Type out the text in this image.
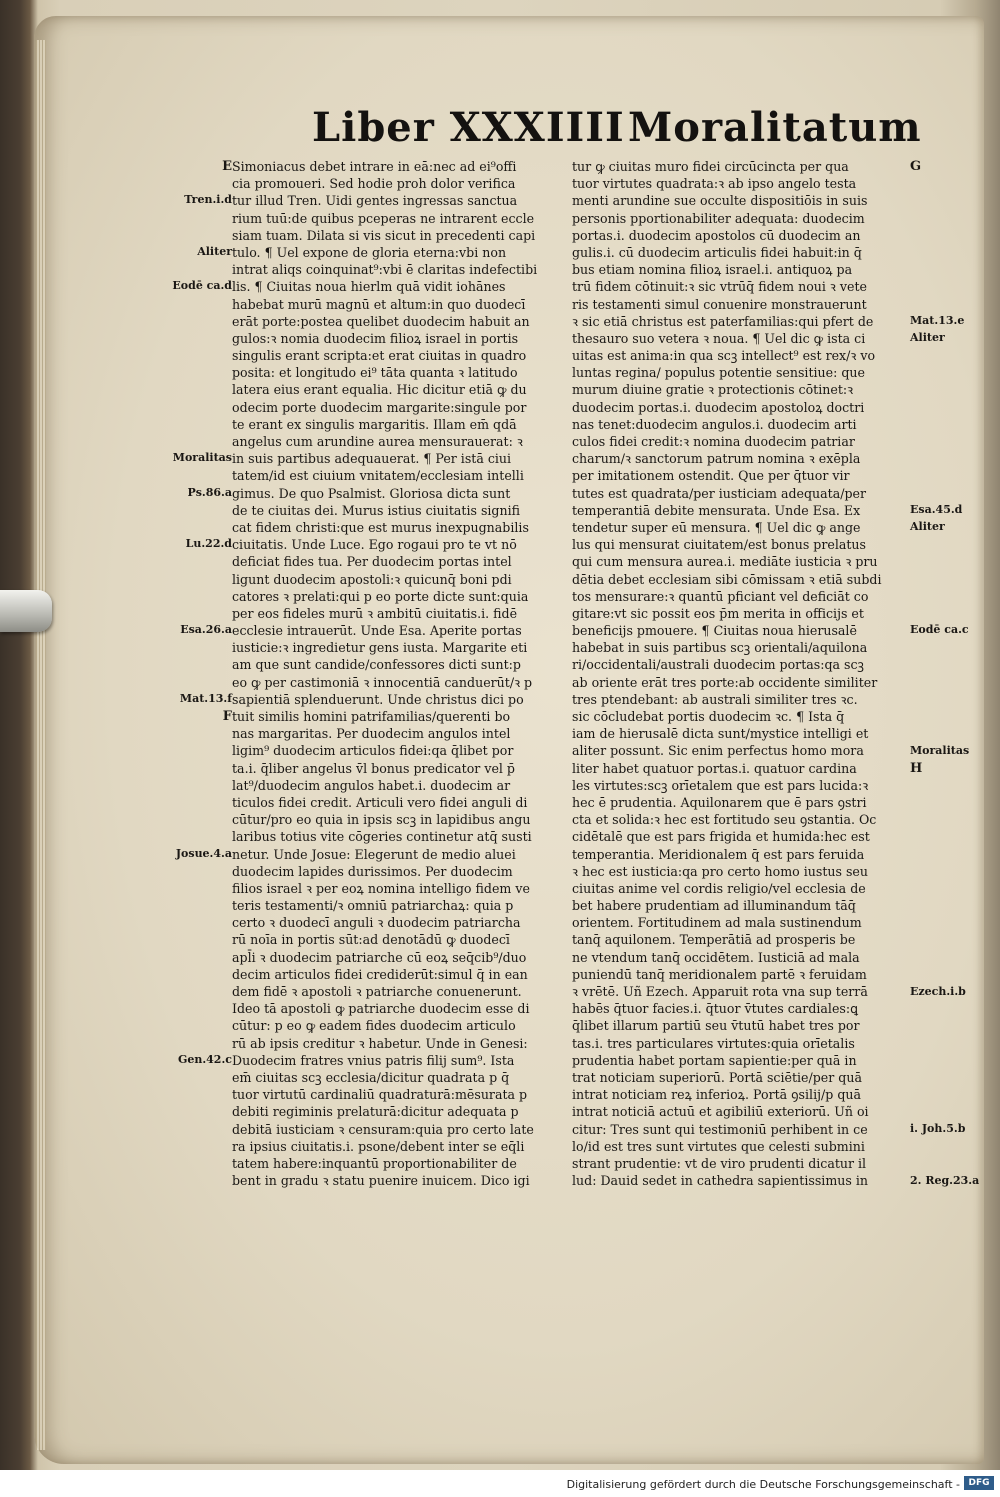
Liber XXXIIII Moralitatum
Simoniacus debet intrare in eā:nec ad ei⁹offi
cia promoueri. Sed hodie proh dolor verifica
tur illud Tren. Uidi gentes ingressas sanctua
rium tuū:de quibus pceperas ne intrarent eccle
siam tuam. Dilata si vis sicut in precedenti capi
tulo. ¶ Uel expone de gloria eterna:vbi non
intrat aliqs coinquinat⁹:vbi ē claritas indefectibi
lis. ¶ Ciuitas noua hierlm quā vidit iohānes
habebat murū magnū et altum:in quo duodecī
erāt porte:postea quelibet duodecim habuit an
gulos:ꝛ nomia duodecim filioꝝ israel in portis
singulis erant scripta:et erat ciuitas in quadro
posita: et longitudo ei⁹ tāta quanta ꝛ latitudo
latera eius erant equalia. Hic dicitur etiā ꝙ du
odecim porte duodecim margarite:singule por
te erant ex singulis margaritis. Illam em̄ qdā
angelus cum arundine aurea mensurauerat: ꝛ
in suis partibus adequauerat. ¶ Per istā ciui
tatem/id est ciuium vnitatem/ecclesiam intelli
gimus. De quo Psalmist. Gloriosa dicta sunt
de te ciuitas dei. Murus istius ciuitatis signifi
cat fidem christi:que est murus inexpugnabilis
ciuitatis. Unde Luce. Ego rogaui pro te vt nō
deficiat fides tua. Per duodecim portas intel
ligunt duodecim apostoli:ꝛ quicunq̄ boni pdi
catores ꝛ prelati:qui p eo porte dicte sunt:quia
per eos fideles murū ꝛ ambitū ciuitatis.i. fidē
ecclesie intrauerūt. Unde Esa. Aperite portas
iusticie:ꝛ ingredietur gens iusta. Margarite eti
am que sunt candide/confessores dicti sunt:p
eo ꝙ per castimoniā ꝛ innocentiā canduerūt/ꝛ p
sapientiā splenduerunt. Unde christus dici po
tuit similis homini patrifamilias/querenti bo
nas margaritas. Per duodecim angulos intel
ligim⁹ duodecim articulos fidei:qa q̄libet por
ta.i. q̄liber angelus v̄l bonus predicator vel p̄
lat⁹/duodecim angulos habet.i. duodecim ar
ticulos fidei credit. Articuli vero fidei anguli di
cūtur/pro eo quia in ipsis scꝫ in lapidibus angu
laribus totius vite cōgeries continetur atq̄ susti
netur. Unde Josue: Elegerunt de medio aluei
duodecim lapides durissimos. Per duodecim
filios israel ꝛ per eoꝝ nomina intelligo fidem ve
teris testamenti/ꝛ omniū patriarchaꝝ: quia p
certo ꝛ duodecī anguli ꝛ duodecim patriarcha
rū noīa in portis sūt:ad denotādū ꝙ duodecī
apl̄i ꝛ duodecim patriarche cū eoꝝ seq̄cib⁹/duo
decim articulos fidei crediderūt:simul q̄ in ean
dem fidē ꝛ apostoli ꝛ patriarche conuenerunt.
Ideo tā apostoli ꝙ patriarche duodecim esse di
cūtur: p eo ꝙ eadem fides duodecim articulo
rū ab ipsis creditur ꝛ habetur. Unde in Genesi:
Duodecim fratres vnius patris filij sum⁹. Ista
em̄ ciuitas scꝫ ecclesia/dicitur quadrata p q̄
tuor virtutū cardinaliū quadraturā:mēsurata p
debiti regiminis prelaturā:dicitur adequata p
debitā iusticiam ꝛ censuram:quia pro certo late
ra ipsius ciuitatis.i. psone/debent inter se eq̄li
tatem habere:inquantū proportionabiliter de
bent in gradu ꝛ statu puenire inuicem. Dico igi
tur ꝙ ciuitas muro fidei circūcincta per qua
tuor virtutes quadrata:ꝛ ab ipso angelo testa
menti arundine sue occulte dispositiōis in suis
personis pportionabiliter adequata: duodecim
portas.i. duodecim apostolos cū duodecim an
gulis.i. cū duodecim articulis fidei habuit:in q̄
bus etiam nomina filioꝝ israel.i. antiquoꝝ pa
trū fidem cōtinuit:ꝛ sic vtrūq̄ fidem noui ꝛ vete
ris testamenti simul conuenire monstrauerunt
ꝛ sic etiā christus est paterfamilias:qui pfert de
thesauro suo vetera ꝛ noua. ¶ Uel dic ꝙ ista ci
uitas est anima:in qua scꝫ intellect⁹ est rex/ꝛ vo
luntas regina/ populus potentie sensitiue: que
murum diuine gratie ꝛ protectionis cōtinet:ꝛ
duodecim portas.i. duodecim apostoloꝝ doctri
nas tenet:duodecim angulos.i. duodecim arti
culos fidei credit:ꝛ nomina duodecim patriar
charum/ꝛ sanctorum patrum nomina ꝛ exēpla
per imitationem ostendit. Que per q̄tuor vir
tutes est quadrata/per iusticiam adequata/per
temperantiā debite mensurata. Unde Esa. Ex
tendetur super eū mensura. ¶ Uel dic ꝙ ange
lus qui mensurat ciuitatem/est bonus prelatus
qui cum mensura aurea.i. mediāte iusticia ꝛ pru
dētia debet ecclesiam sibi cōmissam ꝛ etiā subdi
tos mensurare:ꝛ quantū pficiant vel deficiāt co
gitare:vt sic possit eos p̄m merita in officijs et
beneficijs pmouere. ¶ Ciuitas noua hierusalē
habebat in suis partibus scꝫ orientali/aquilona
ri/occidentali/australi duodecim portas:qa scꝫ
ab oriente erāt tres porte:ab occidente similiter
tres ptendebant: ab australi similiter tres ꝛc.
sic cōcludebat portis duodecim ꝛc. ¶ Ista q̄
iam de hierusalē dicta sunt/mystice intelligi et
aliter possunt. Sic enim perfectus homo mora
liter habet quatuor portas.i. quatuor cardina
les virtutes:scꝫ orīetalem que est pars lucida:ꝛ
hec ē prudentia. Aquilonarem que ē pars ꝯstri
cta et solida:ꝛ hec est fortitudo seu ꝯstantia. Oc
cidētalē que est pars frigida et humida:hec est
temperantia. Meridionalem q̄ est pars feruida
ꝛ hec est iusticia:qa pro certo homo iustus seu
ciuitas anime vel cordis religio/vel ecclesia de
bet habere prudentiam ad illuminandum tāq̄
orientem. Fortitudinem ad mala sustinendum
tanq̄ aquilonem. Temperātiā ad prosperis be
ne vtendum tanq̄ occidētem. Iusticiā ad mala
puniendū tanq̄ meridionalem partē ꝛ feruidam
ꝛ vrētē. Uñ Ezech. Apparuit rota vna sup terrā
habēs q̄tuor facies.i. q̄tuor v̄tutes cardiales:ꝗ
q̄libet illarum partiū seu v̄tutū habet tres por
tas.i. tres particulares virtutes:quia orīetalis
prudentia habet portam sapientie:per quā in
trat noticiam superiorū. Portā sciētie/per quā
intrat noticiam reꝝ inferioꝝ. Portā ꝯsilij/p quā
intrat noticiā actuū et agibiliū exteriorū. Uñ oi
citur: Tres sunt qui testimoniū perhibent in ce
lo/id est tres sunt virtutes que celesti submini
strant prudentie: vt de viro prudenti dicatur il
lud: Dauid sedet in cathedra sapientissimus in
E
Tren.i.d
Aliter
Eodē ca.d
Moralitas
Ps.86.a
Lu.22.d
Esa.26.a
Mat.13.f
F
Josue.4.a
Gen.42.c
G
Mat.13.e
Aliter
Esa.45.d
Aliter
Eodē ca.c
Moralitas
H
Ezech.i.b
i. Joh.5.b
2. Reg.23.a
Digitalisierung gefördert durch die Deutsche Forschungsgemeinschaft - DFG
